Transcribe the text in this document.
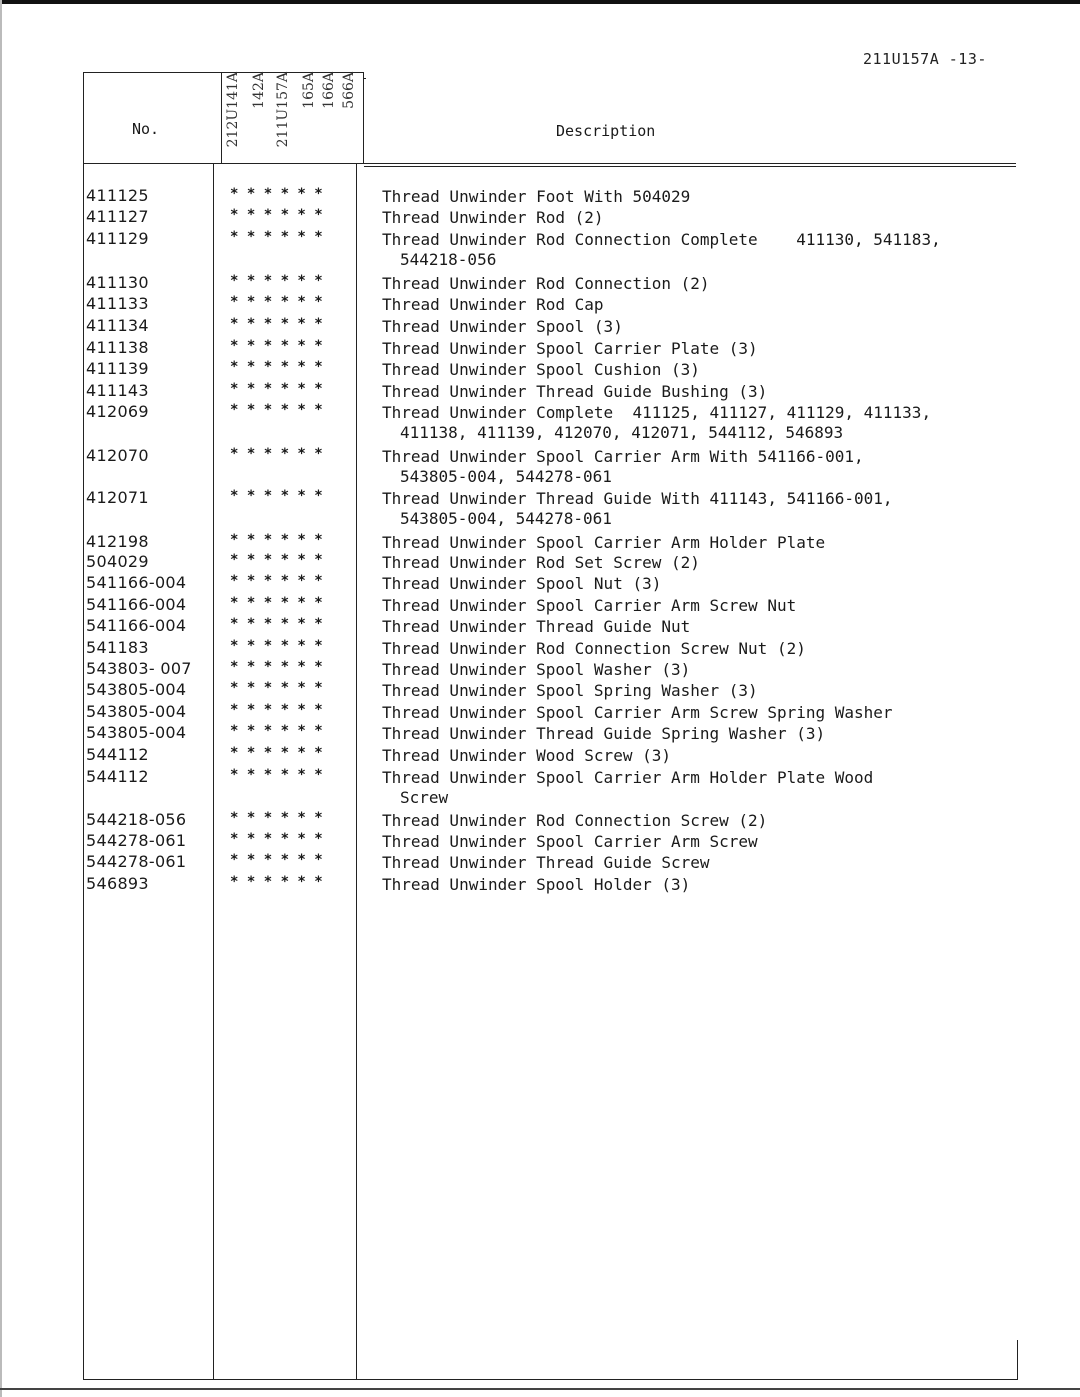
211U157A -13-
No.	Description
212U141A 142A 211U157A 165A 166A 566A
411125	* * * * * *	Thread Unwinder Foot With 504029
411127	* * * * * *	Thread Unwinder Rod (2)
411129	* * * * * *	Thread Unwinder Rod Connection Complete    411130, 541183,
544218-056
411130	* * * * * *	Thread Unwinder Rod Connection (2)
411133	* * * * * *	Thread Unwinder Rod Cap
411134	* * * * * *	Thread Unwinder Spool (3)
411138	* * * * * *	Thread Unwinder Spool Carrier Plate (3)
411139	* * * * * *	Thread Unwinder Spool Cushion (3)
411143	* * * * * *	Thread Unwinder Thread Guide Bushing (3)
412069	* * * * * *	Thread Unwinder Complete  411125, 411127, 411129, 411133,
411138, 411139, 412070, 412071, 544112, 546893
412070	* * * * * *	Thread Unwinder Spool Carrier Arm With 541166-001,
543805-004, 544278-061
412071	* * * * * *	Thread Unwinder Thread Guide With 411143, 541166-001,
543805-004, 544278-061
412198	* * * * * *	Thread Unwinder Spool Carrier Arm Holder Plate
504029	* * * * * *	Thread Unwinder Rod Set Screw (2)
541166-004	* * * * * *	Thread Unwinder Spool Nut (3)
541166-004	* * * * * *	Thread Unwinder Spool Carrier Arm Screw Nut
541166-004	* * * * * *	Thread Unwinder Thread Guide Nut
541183	* * * * * *	Thread Unwinder Rod Connection Screw Nut (2)
543803- 007	* * * * * *	Thread Unwinder Spool Washer (3)
543805-004	* * * * * *	Thread Unwinder Spool Spring Washer (3)
543805-004	* * * * * *	Thread Unwinder Spool Carrier Arm Screw Spring Washer
543805-004	* * * * * *	Thread Unwinder Thread Guide Spring Washer (3)
544112	* * * * * *	Thread Unwinder Wood Screw (3)
544112	* * * * * *	Thread Unwinder Spool Carrier Arm Holder Plate Wood
Screw
544218-056	* * * * * *	Thread Unwinder Rod Connection Screw (2)
544278-061	* * * * * *	Thread Unwinder Spool Carrier Arm Screw
544278-061	* * * * * *	Thread Unwinder Thread Guide Screw
546893	* * * * * *	Thread Unwinder Spool Holder (3)
